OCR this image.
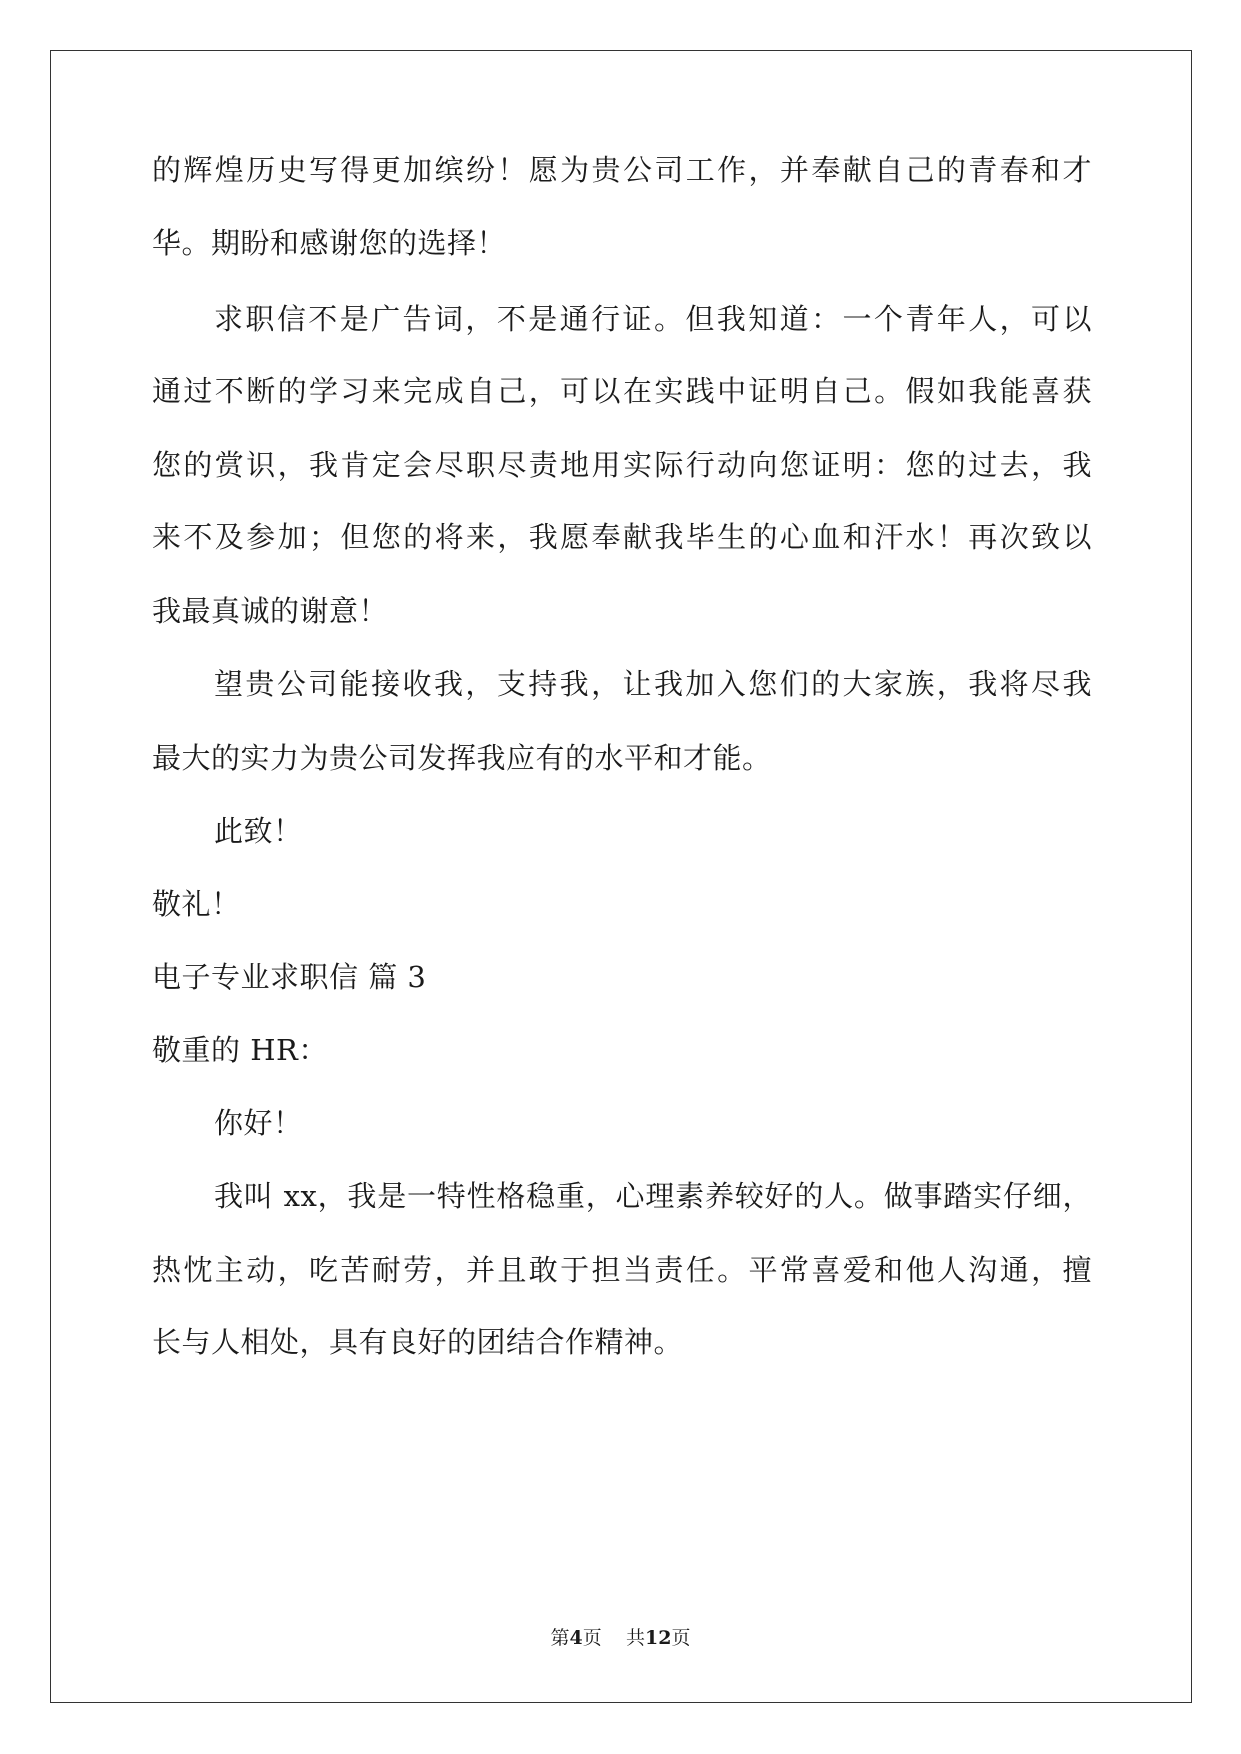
的辉煌历史写得更加缤纷！愿为贵公司工作，并奉献自己的青春和才
华。期盼和感谢您的选择！
求职信不是广告词，不是通行证。但我知道：一个青年人，可以
通过不断的学习来完成自己，可以在实践中证明自己。假如我能喜获
您的赏识，我肯定会尽职尽责地用实际行动向您证明：您的过去，我
来不及参加；但您的将来，我愿奉献我毕生的心血和汗水！再次致以
我最真诚的谢意！
望贵公司能接收我，支持我，让我加入您们的大家族，我将尽我
最大的实力为贵公司发挥我应有的水平和才能。
此致！
敬礼！
电子专业求职信 篇 3
敬重的 HR：
你好！
我叫 xx，我是一特性格稳重，心理素养较好的人。做事踏实仔细，
热忱主动，吃苦耐劳，并且敢于担当责任。平常喜爱和他人沟通，擅
长与人相处，具有良好的团结合作精神。
第4页 共12页
